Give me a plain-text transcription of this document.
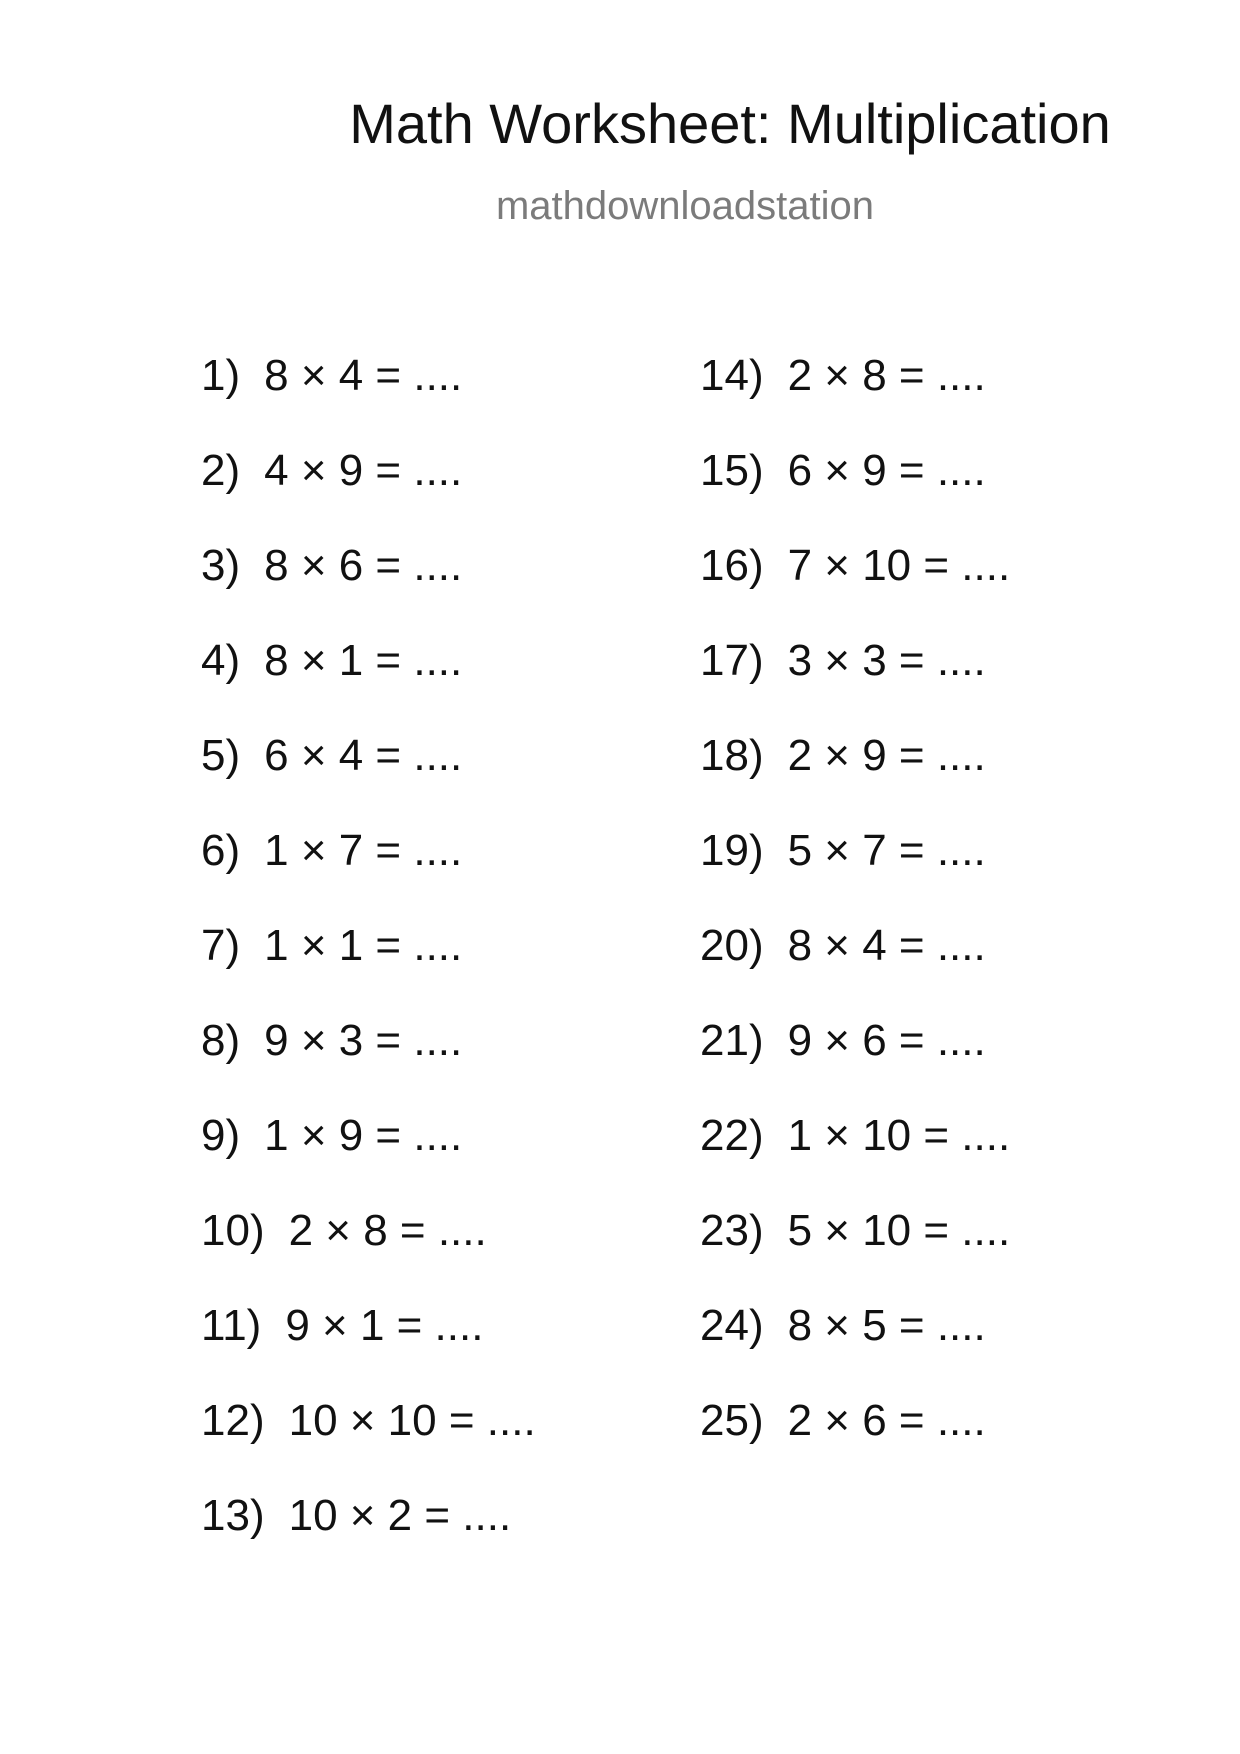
Math Worksheet: Multiplication
mathdownloadstation
1) 8 × 4 = ....
2) 4 × 9 = ....
3) 8 × 6 = ....
4) 8 × 1 = ....
5) 6 × 4 = ....
6) 1 × 7 = ....
7) 1 × 1 = ....
8) 9 × 3 = ....
9) 1 × 9 = ....
10) 2 × 8 = ....
11) 9 × 1 = ....
12) 10 × 10 = ....
13) 10 × 2 = ....
14) 2 × 8 = ....
15) 6 × 9 = ....
16) 7 × 10 = ....
17) 3 × 3 = ....
18) 2 × 9 = ....
19) 5 × 7 = ....
20) 8 × 4 = ....
21) 9 × 6 = ....
22) 1 × 10 = ....
23) 5 × 10 = ....
24) 8 × 5 = ....
25) 2 × 6 = ....
